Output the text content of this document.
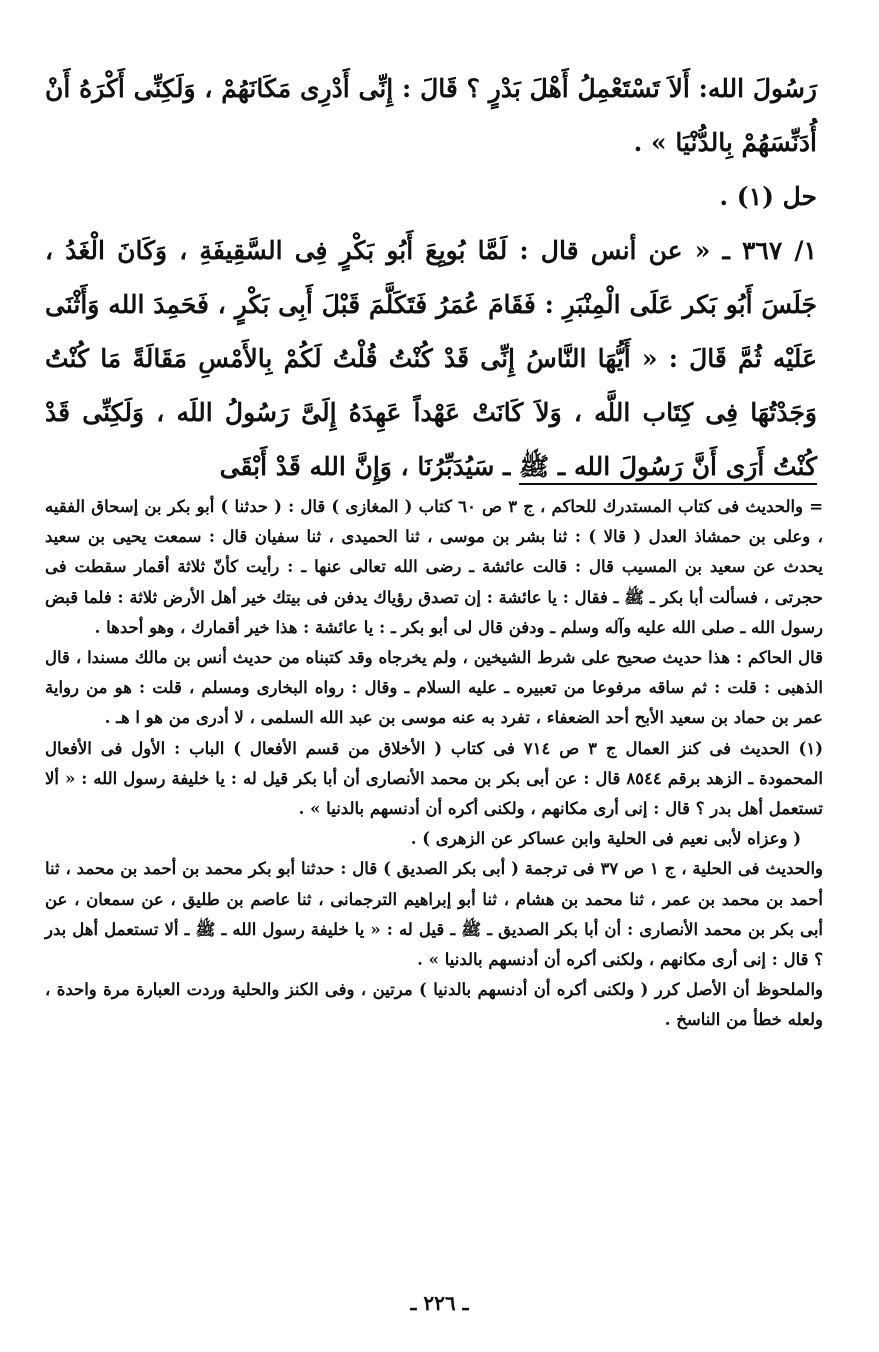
رَسُولَ الله: أَلاَ تَسْتَعْمِلُ أَهْلَ بَدْرٍ ؟ قَالَ : إِنِّى أَدْرِى مَكَانَهُمْ ، وَلَكِنِّى أَكْرَهُ أَنْ أُدَنِّسَهُمْ بِالدُّنْيَا » .

حل (١) .

١/ ٣٦٧ ـ « عن أنس قال : لَمَّا بُويِعَ أَبُو بَكْرٍ فِى السَّقِيفَةِ ، وَكَانَ الْغَدُ ، جَلَسَ أَبُو بَكر عَلَى الْمِنْبَرِ : فَقَامَ عُمَرُ فَتَكَلَّمَ قَبْلَ أَبِى بَكْرٍ ، فَحَمِدَ الله وَأَثْنَى عَلَيْه ثُمَّ قَالَ : « أَيُّهَا النَّاسُ إِنِّى قَدْ كُنْتُ قُلْتُ لَكُمْ بِالأَمْسِ مَقَالَةً مَا كُنْتُ وَجَدْتُهَا فِى كِتَاب اللَّه ، وَلاَ كَانَتْ عَهْداً عَهِدَهُ إِلَىَّ رَسُولُ اللَه ، وَلَكِنِّى قَدْ كُنْتُ أَرَى أَنَّ رَسُولَ الله ـ ﷺ ـ سَيُدَبِّرُنَا ، وَإِنَّ الله قَدْ أَبْقَى

= والحديث فى كتاب المستدرك للحاكم ، ج ٣ ص ٦٠ كتاب ( المغازى ) قال : ( حدثنا ) أبو بكر بن إسحاق الفقيه ، وعلى بن حمشاذ العدل ( قالا ) : ثنا بشر بن موسى ، ثنا الحميدى ، ثنا سفيان قال : سمعت يحيى بن سعيد يحدث عن سعيد بن المسيب قال : قالت عائشة ـ رضى الله تعالى عنها ـ : رأيت كأنّ ثلاثة أقمار سقطت فى حجرتى ، فسألت أبا بكر ـ ﷺ ـ فقال : يا عائشة : إن تصدق رؤياك يدفن فى بيتك خير أهل الأرض ثلاثة : فلما قبض رسول الله ـ صلى الله عليه وآله وسلم ـ ودفن قال لى أبو بكر ـ : يا عائشة : هذا خير أقمارك ، وهو أحدها .

قال الحاكم : هذا حديث صحيح على شرط الشيخين ، ولم يخرجاه وقد كتبناه من حديث أنس بن مالك مسندا ، قال الذهبى : قلت : ثم ساقه مرفوعا من تعبيره ـ عليه السلام ـ وقال : رواه البخارى ومسلم ، قلت : هو من رواية عمر بن حماد بن سعيد الأبح أحد الضعفاء ، تفرد به عنه موسى بن عبد الله السلمى ، لا أدرى من هو ا هـ .

(١) الحديث فى كنز العمال ج ٣ ص ٧١٤ فى كتاب ( الأخلاق من قسم الأفعال ) الباب : الأول فى الأفعال المحمودة ـ الزهد برقم ٨٥٤٤ قال : عن أبى بكر بن محمد الأنصارى أن أبا بكر قيل له : يا خليفة رسول الله : « ألا تستعمل أهل بدر ؟ قال : إنى أرى مكانهم ، ولكنى أكره أن أدنسهم بالدنيا » .

( وعزاه لأبى نعيم فى الحلية وابن عساكر عن الزهرى ) .

والحديث فى الحلية ، ج ١ ص ٣٧ فى ترجمة ( أبى بكر الصديق ) قال : حدثنا أبو بكر محمد بن أحمد بن محمد ، ثنا أحمد بن محمد بن عمر ، ثنا محمد بن هشام ، ثنا أبو إبراهيم الترجمانى ، ثنا عاصم بن طليق ، عن سمعان ، عن أبى بكر بن محمد الأنصارى : أن أبا بكر الصديق ـ ﷺ ـ قيل له : « يا خليفة رسول الله ـ ﷺ ـ ألا تستعمل أهل بدر ؟ قال : إنى أرى مكانهم ، ولكنى أكره أن أدنسهم بالدنيا » .

والملحوظ أن الأصل كرر ( ولكنى أكره أن أدنسهم بالدنيا ) مرتين ، وفى الكنز والحلية وردت العبارة مرة واحدة ، ولعله خطأ من الناسخ .

ـ ٢٢٦ ـ
